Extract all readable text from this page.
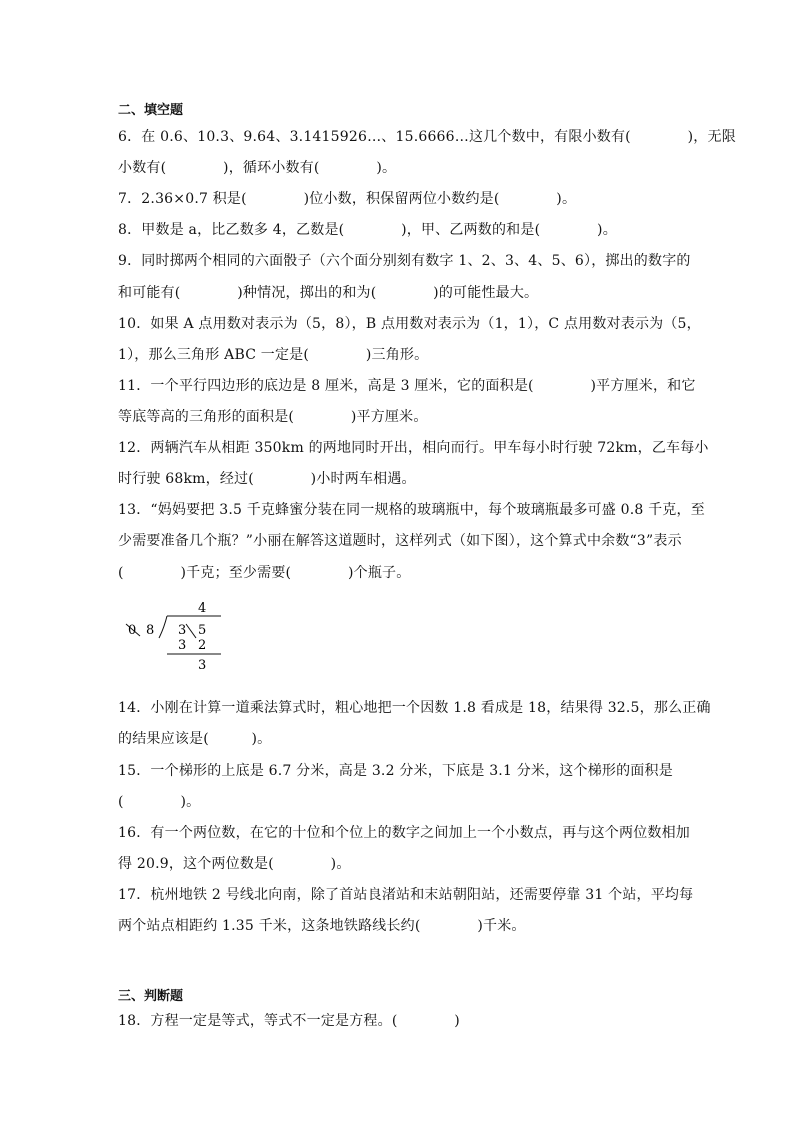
二、填空题
6．在 0.6、10.3、9.64̇、3.1415926…、15.6666…这几个数中，有限小数有(　　　　)，无限
小数有(　　　　)，循环小数有(　　　　)。
7．2.36×0.7 积是(　　　　)位小数，积保留两位小数约是(　　　　)。
8．甲数是 a，比乙数多 4，乙数是(　　　　)，甲、乙两数的和是(　　　　)。
9．同时掷两个相同的六面骰子（六个面分别刻有数字 1、2、3、4、5、6），掷出的数字的
和可能有(　　　　)种情况，掷出的和为(　　　　)的可能性最大。
10．如果 A 点用数对表示为（5，8），B 点用数对表示为（1，1），C 点用数对表示为（5，
1），那么三角形 ABC 一定是(　　　　)三角形。
11．一个平行四边形的底边是 8 厘米，高是 3 厘米，它的面积是(　　　　)平方厘米，和它
等底等高的三角形的面积是(　　　　)平方厘米。
12．两辆汽车从相距 350km 的两地同时开出，相向而行。甲车每小时行驶 72km，乙车每小
时行驶 68km，经过(　　　　)小时两车相遇。
13．“妈妈要把 3.5 千克蜂蜜分装在同一规格的玻璃瓶中，每个玻璃瓶最多可盛 0.8 千克，至
少需要准备几个瓶？”小丽在解答这道题时，这样列式（如下图），这个算式中余数“3”表示
(　　　　)千克；至少需要(　　　　)个瓶子。
4
0 8 3 5
3 2
3
14．小刚在计算一道乘法算式时，粗心地把一个因数 1.8 看成是 18，结果得 32.5，那么正确
的结果应该是(　　　)。
15．一个梯形的上底是 6.7 分米，高是 3.2 分米，下底是 3.1 分米，这个梯形的面积是
(　　　　)。
16．有一个两位数，在它的十位和个位上的数字之间加上一个小数点，再与这个两位数相加
得 20.9，这个两位数是(　　　　)。
17．杭州地铁 2 号线北向南，除了首站良渚站和末站朝阳站，还需要停靠 31 个站，平均每
两个站点相距约 1.35 千米，这条地铁路线长约(　　　　)千米。
三、判断题
18．方程一定是等式，等式不一定是方程。(　　　　)
